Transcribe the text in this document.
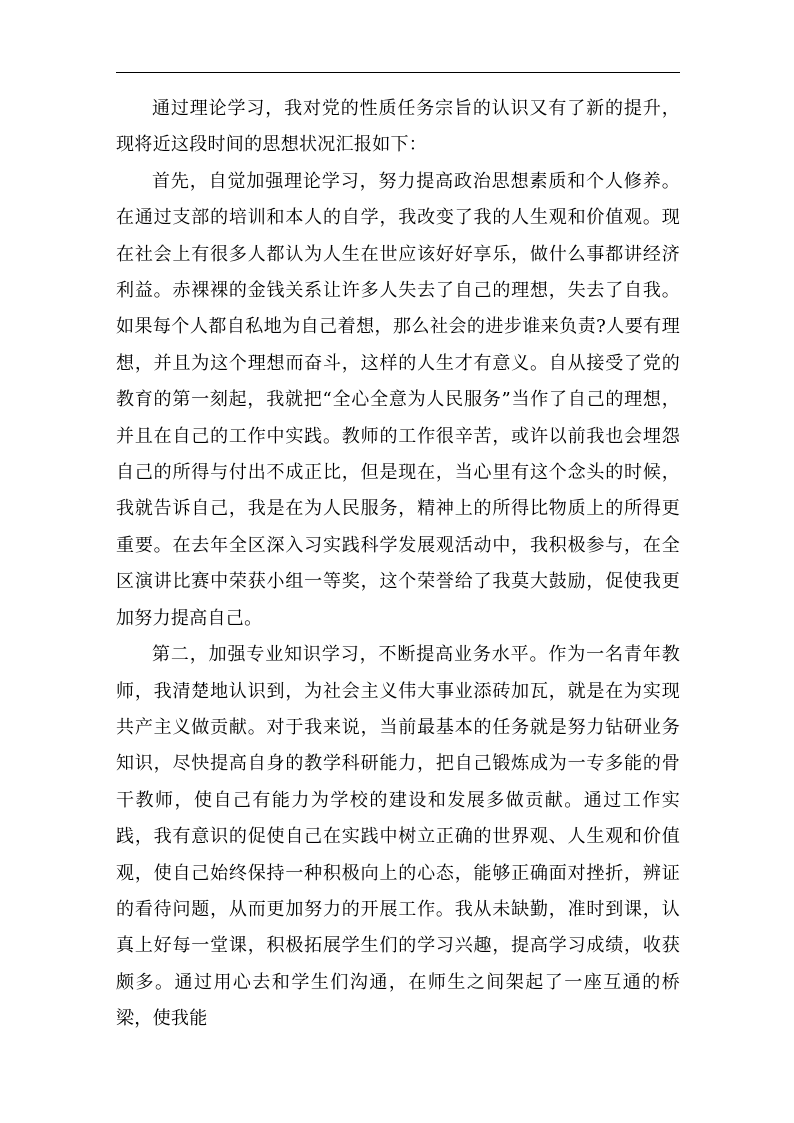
通过理论学习，我对党的性质任务宗旨的认识又有了新的提升，现将近这段时间的思想状况汇报如下：

首先，自觉加强理论学习，努力提高政治思想素质和个人修养。在通过支部的培训和本人的自学，我改变了我的人生观和价值观。现在社会上有很多人都认为人生在世应该好好享乐，做什么事都讲经济利益。赤裸裸的金钱关系让许多人失去了自己的理想，失去了自我。如果每个人都自私地为自己着想，那么社会的进步谁来负责?人要有理想，并且为这个理想而奋斗，这样的人生才有意义。自从接受了党的教育的第一刻起，我就把“全心全意为人民服务”当作了自己的理想，并且在自己的工作中实践。教师的工作很辛苦，或许以前我也会埋怨自己的所得与付出不成正比，但是现在，当心里有这个念头的时候，我就告诉自己，我是在为人民服务，精神上的所得比物质上的所得更重要。在去年全区深入习实践科学发展观活动中，我积极参与，在全区演讲比赛中荣获小组一等奖，这个荣誉给了我莫大鼓励，促使我更加努力提高自己。

第二，加强专业知识学习，不断提高业务水平。作为一名青年教师，我清楚地认识到，为社会主义伟大事业添砖加瓦，就是在为实现共产主义做贡献。对于我来说，当前最基本的任务就是努力钻研业务知识，尽快提高自身的教学科研能力，把自己锻炼成为一专多能的骨干教师，使自己有能力为学校的建设和发展多做贡献。通过工作实践，我有意识的促使自己在实践中树立正确的世界观、人生观和价值观，使自己始终保持一种积极向上的心态，能够正确面对挫折，辨证的看待问题，从而更加努力的开展工作。我从未缺勤，准时到课，认真上好每一堂课，积极拓展学生们的学习兴趣，提高学习成绩，收获颇多。通过用心去和学生们沟通，在师生之间架起了一座互通的桥梁，使我能
